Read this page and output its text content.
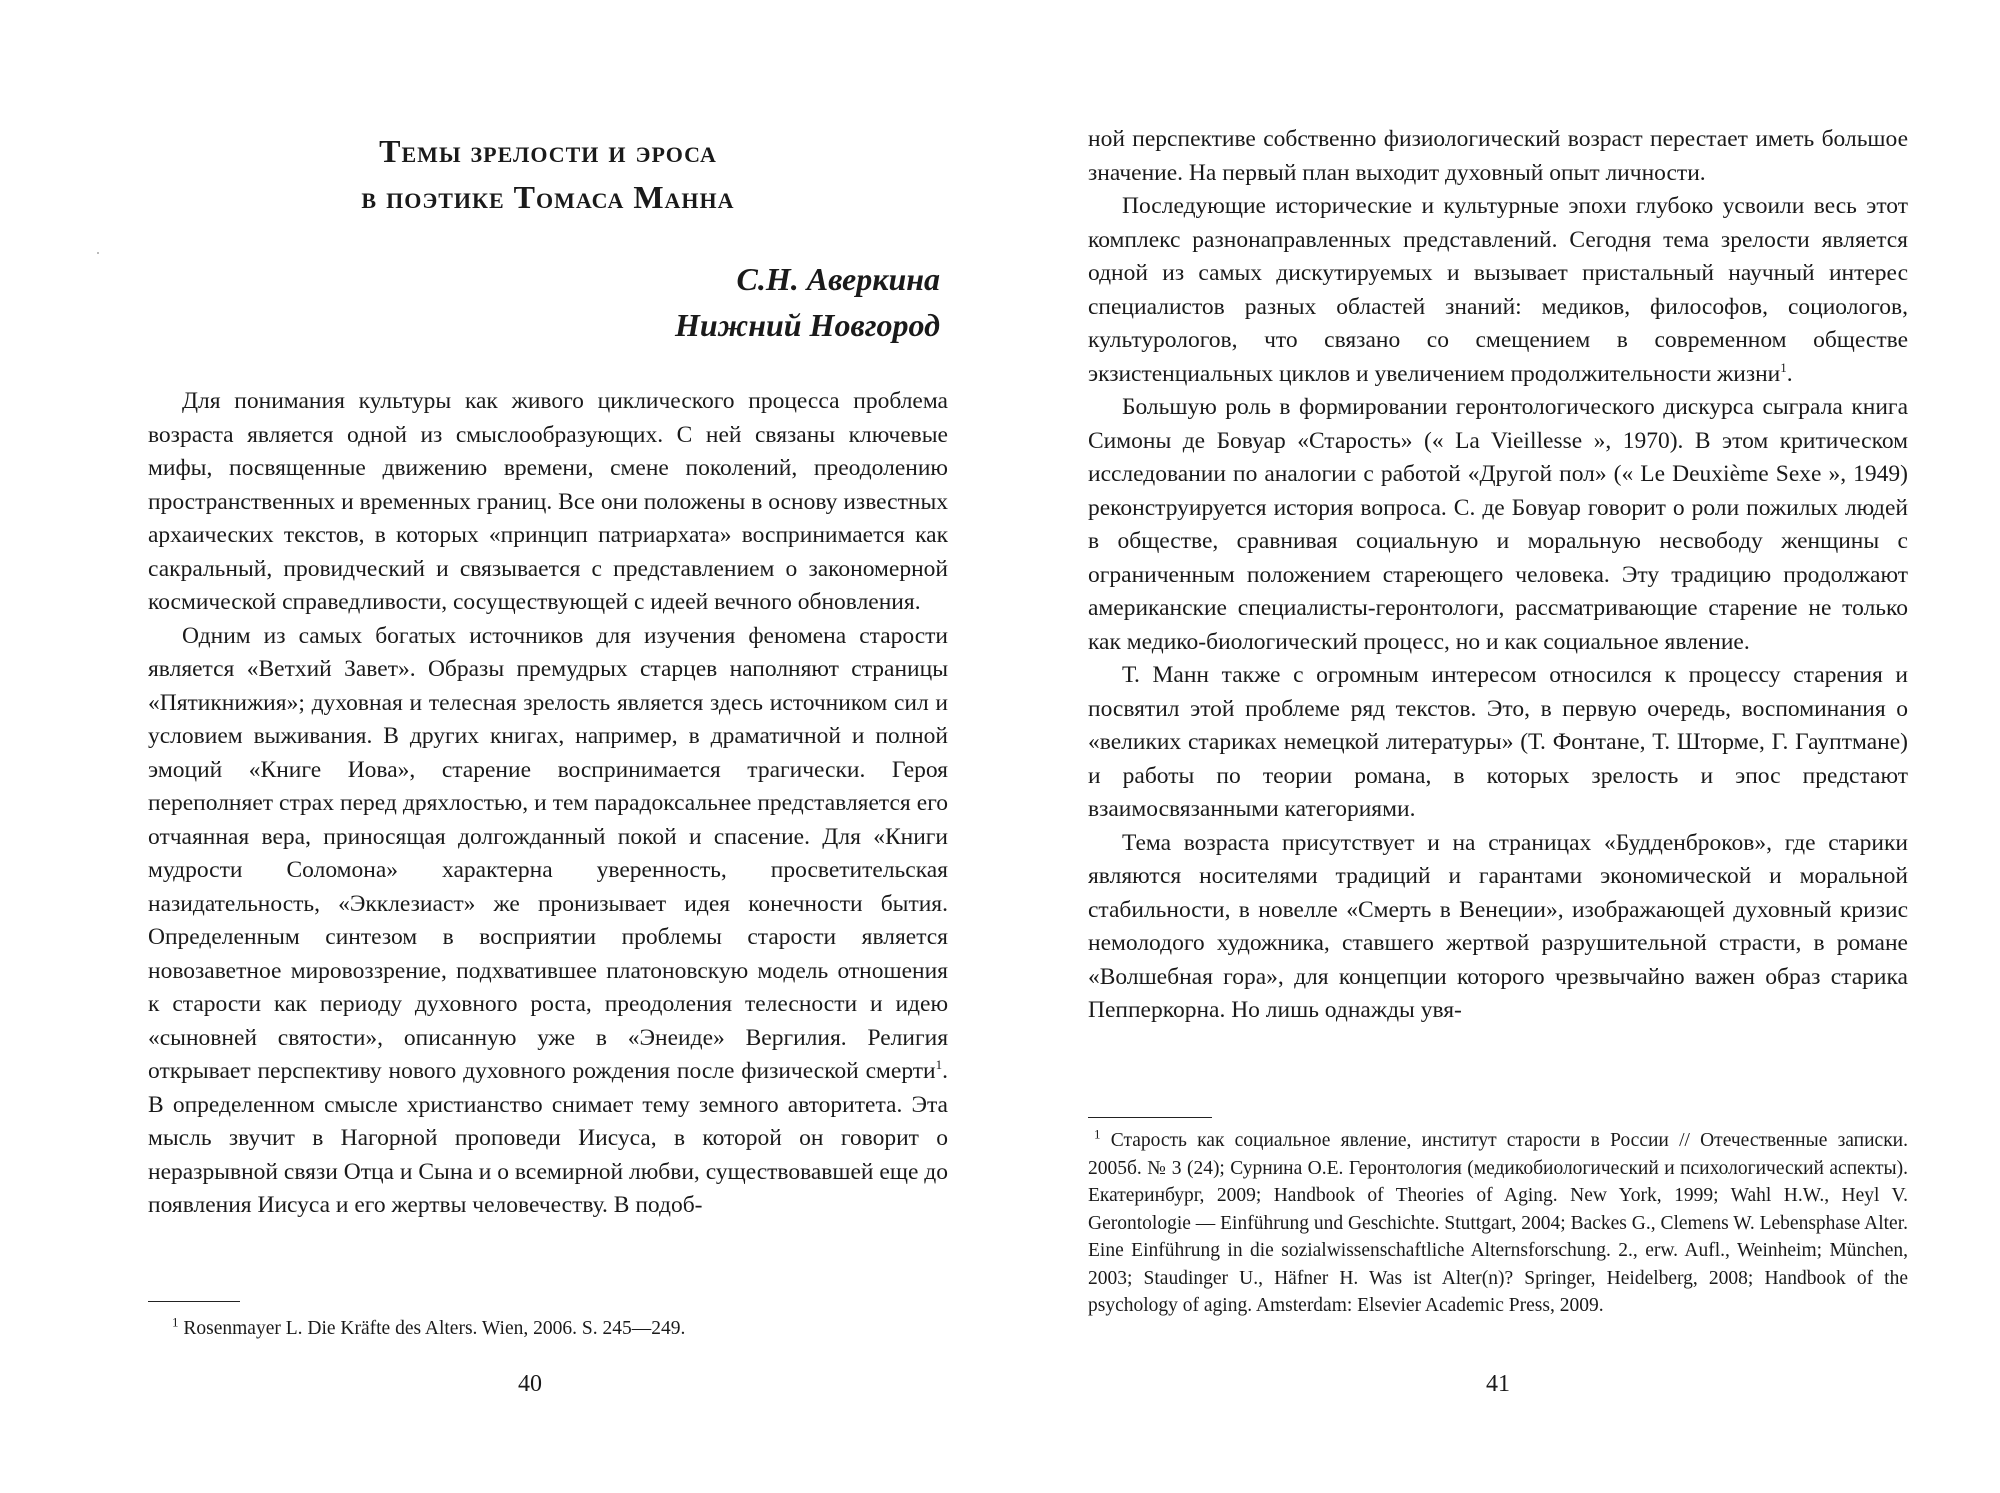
Темы зрелости и эроса
в поэтике Томаса Манна
С.Н. Аверкина
Нижний Новгород

Для понимания культуры как живого циклического процесса проблема возраста является одной из смыслообразующих. С ней связаны ключевые мифы, посвященные движению времени, смене поколений, преодолению пространственных и временных границ. Все они положены в основу известных архаических текстов, в которых «принцип патриархата» воспринимается как сакральный, провидческий и связывается с представлением о закономерной космической справедливости, сосуществующей с идеей вечного обновления.

Одним из самых богатых источников для изучения феномена старости является «Ветхий Завет». Образы премудрых старцев наполняют страницы «Пятикнижия»; духовная и телесная зрелость является здесь источником сил и условием выживания. В других книгах, например, в драматичной и полной эмоций «Книге Иова», старение воспринимается трагически. Героя переполняет страх перед дряхлостью, и тем парадоксальнее представляется его отчаянная вера, приносящая долгожданный покой и спасение. Для «Книги мудрости Соломона» характерна уверенность, просветительская назидательность, «Экклезиаст» же пронизывает идея конечности бытия. Определенным синтезом в восприятии проблемы старости является новозаветное мировоззрение, подхватившее платоновскую модель отношения к старости как периоду духовного роста, преодоления телесности и идею «сыновней святости», описанную уже в «Энеиде» Вергилия. Религия открывает перспективу нового духовного рождения после физической смерти$^1$. В определенном смысле христианство снимает тему земного авторитета. Эта мысль звучит в Нагорной проповеди Иисуса, в которой он говорит о неразрывной связи Отца и Сына и о всемирной любви, существовавшей еще до появления Иисуса и его жертвы человечеству. В подоб-

$^1$ Rosenmayer L. Die Kräfte des Alters. Wien, 2006. S. 245—249.
40

ной перспективе собственно физиологический возраст перестает иметь большое значение. На первый план выходит духовный опыт личности.

Последующие исторические и культурные эпохи глубоко усвоили весь этот комплекс разнонаправленных представлений. Сегодня тема зрелости является одной из самых дискутируемых и вызывает пристальный научный интерес специалистов разных областей знаний: медиков, философов, социологов, культурологов, что связано со смещением в современном обществе экзистенциальных циклов и увеличением продолжительности жизни$^1$.

Большую роль в формировании геронтологического дискурса сыграла книга Симоны де Бовуар «Старость» (« La Vieillesse », 1970). В этом критическом исследовании по аналогии с работой «Другой пол» (« Le Deuxième Sexe », 1949) реконструируется история вопроса. С. де Бовуар говорит о роли пожилых людей в обществе, сравнивая социальную и моральную несвободу женщины с ограниченным положением стареющего человека. Эту традицию продолжают американские специалисты-геронтологи, рассматривающие старение не только как медико-биологический процесс, но и как социальное явление.

Т. Манн также с огромным интересом относился к процессу старения и посвятил этой проблеме ряд текстов. Это, в первую очередь, воспоминания о «великих стариках немецкой литературы» (Т. Фонтане, Т. Шторме, Г. Гауптмане) и работы по теории романа, в которых зрелость и эпос предстают взаимосвязанными категориями.

Тема возраста присутствует и на страницах «Будденброков», где старики являются носителями традиций и гарантами экономической и моральной стабильности, в новелле «Смерть в Венеции», изображающей духовный кризис немолодого художника, ставшего жертвой разрушительной страсти, в романе «Волшебная гора», для концепции которого чрезвычайно важен образ старика Пепперкорна. Но лишь однажды увя-

$^1$ Старость как социальное явление, институт старости в России // Отечественные записки. 2005б. № 3 (24); Сурнина О.Е. Геронтология (медикобиологический и психологический аспекты). Екатеринбург, 2009; Handbook of Theories of Aging. New York, 1999; Wahl H.W., Heyl V. Gerontologie — Einführung und Geschichte. Stuttgart, 2004; Backes G., Clemens W. Lebensphase Alter. Eine Einführung in die sozialwissenschaftliche Alternsforschung. 2., erw. Aufl., Weinheim; München, 2003; Staudinger U., Häfner H. Was ist Alter(n)? Springer, Heidelberg, 2008; Handbook of the psychology of aging. Amsterdam: Elsevier Academic Press, 2009.

41
